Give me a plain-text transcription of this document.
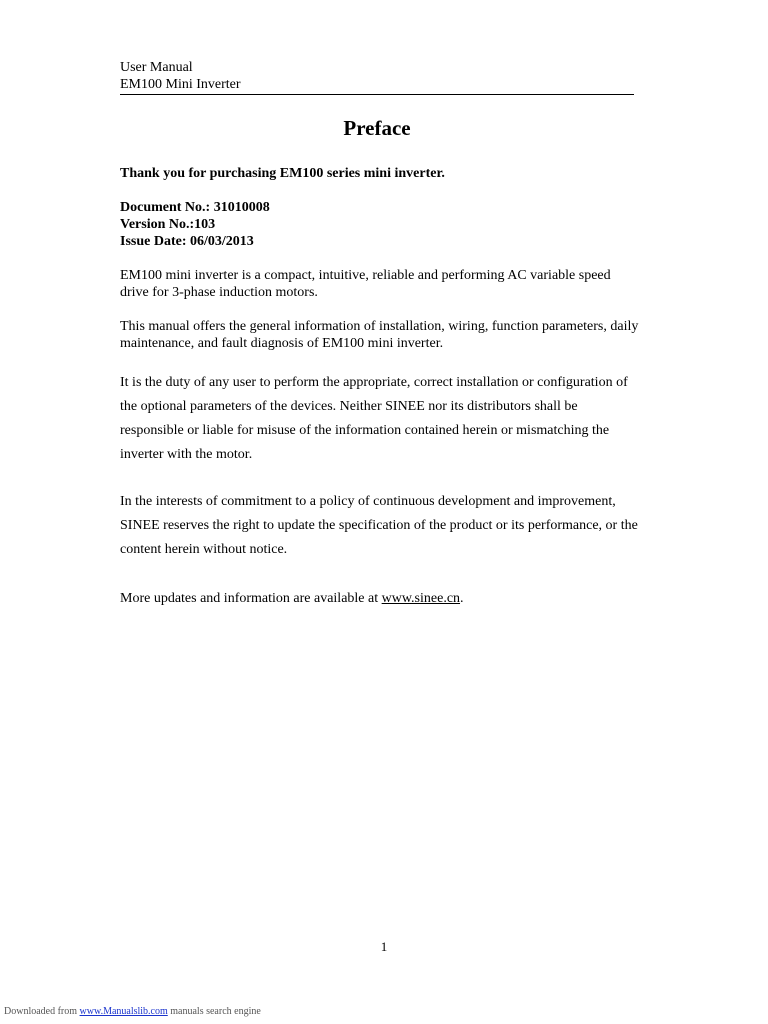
User Manual
EM100 Mini Inverter
Preface
Thank you for purchasing EM100 series mini inverter.
Document No.: 31010008
Version No.:103
Issue Date: 06/03/2013
EM100 mini inverter is a compact, intuitive, reliable and performing AC variable speed drive for 3-phase induction motors.
This manual offers the general information of installation, wiring, function parameters, daily maintenance, and fault diagnosis of EM100 mini inverter.
It is the duty of any user to perform the appropriate, correct installation or configuration of the optional parameters of the devices. Neither SINEE nor its distributors shall be responsible or liable for misuse of the information contained herein or mismatching the inverter with the motor.
In the interests of commitment to a policy of continuous development and improvement, SINEE reserves the right to update the specification of the product or its performance, or the content herein without notice.
More updates and information are available at www.sinee.cn.
1
Downloaded from www.Manualslib.com manuals search engine
